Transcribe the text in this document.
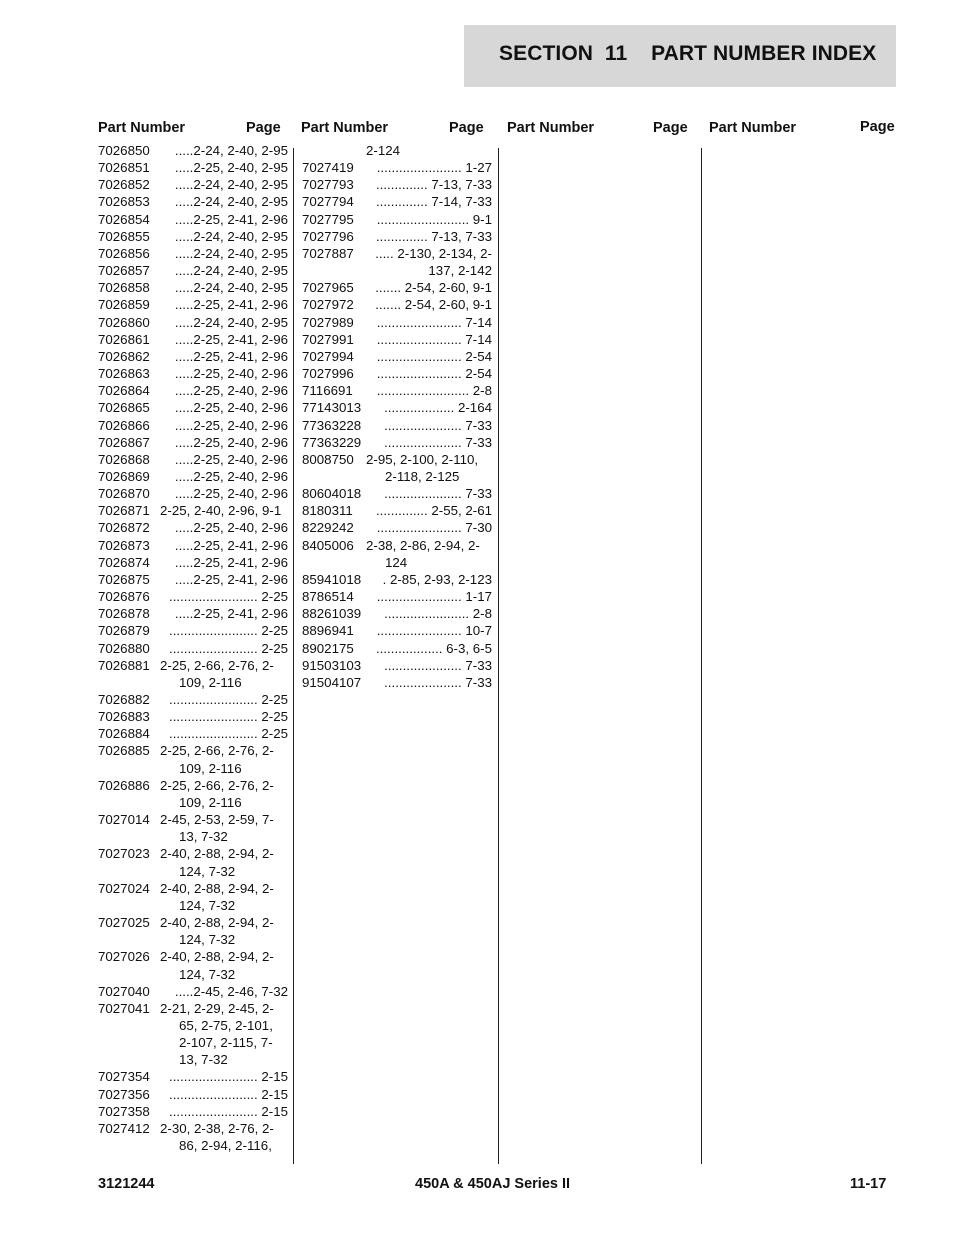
SECTION  11 PART NUMBER INDEX
Part Number	Page Part Number	Page Part Number	Page Part Number	Page
7026850	.....2-24, 2-40, 2-95
7026851	.....2-25, 2-40, 2-95
7026852	.....2-24, 2-40, 2-95
7026853	.....2-24, 2-40, 2-95
7026854	.....2-25, 2-41, 2-96
7026855	.....2-24, 2-40, 2-95
7026856	.....2-24, 2-40, 2-95
7026857	.....2-24, 2-40, 2-95
7026858	.....2-24, 2-40, 2-95
7026859	.....2-25, 2-41, 2-96
7026860	.....2-24, 2-40, 2-95
7026861	.....2-25, 2-41, 2-96
7026862	.....2-25, 2-41, 2-96
7026863	.....2-25, 2-40, 2-96
7026864	.....2-25, 2-40, 2-96
7026865	.....2-25, 2-40, 2-96
7026866	.....2-25, 2-40, 2-96
7026867	.....2-25, 2-40, 2-96
7026868	.....2-25, 2-40, 2-96
7026869	.....2-25, 2-40, 2-96
7026870	.....2-25, 2-40, 2-96
7026871 2-25, 2-40, 2-96, 9-1
7026872	.....2-25, 2-40, 2-96
7026873	.....2-25, 2-41, 2-96
7026874	.....2-25, 2-41, 2-96
7026875	.....2-25, 2-41, 2-96
7026876	........................ 2-25
7026878	.....2-25, 2-41, 2-96
7026879	........................ 2-25
7026880	........................ 2-25
7026881 2-25, 2-66, 2-76, 2-109, 2-116
7026882	........................ 2-25
7026883	........................ 2-25
7026884	........................ 2-25
7026885 2-25, 2-66, 2-76, 2-109, 2-116
7026886 2-25, 2-66, 2-76, 2-109, 2-116
7027014 2-45, 2-53, 2-59, 7-13, 7-32
7027023 2-40, 2-88, 2-94, 2-124, 7-32
7027024 2-40, 2-88, 2-94, 2-124, 7-32
7027025 2-40, 2-88, 2-94, 2-124, 7-32
7027026 2-40, 2-88, 2-94, 2-124, 7-32
7027040	.....2-45, 2-46, 7-32
7027041 2-21, 2-29, 2-45, 2-65, 2-75, 2-101, 2-107, 2-115, 7-13, 7-32
7027354	........................ 2-15
7027356	........................ 2-15
7027358	........................ 2-15
7027412 2-30, 2-38, 2-76, 2-86, 2-94, 2-116,
2-124
7027419	....................... 1-27
7027793	.............. 7-13, 7-33
7027794	.............. 7-14, 7-33
7027795	......................... 9-1
7027796	.............. 7-13, 7-33
7027887	..... 2-130, 2-134, 2-137, 2-142
7027965	....... 2-54, 2-60, 9-1
7027972	....... 2-54, 2-60, 9-1
7027989	....................... 7-14
7027991	....................... 7-14
7027994	....................... 2-54
7027996	....................... 2-54
7116691	......................... 2-8
77143013	................... 2-164
77363228	..................... 7-33
77363229	..................... 7-33
8008750 2-95, 2-100, 2-110, 2-118, 2-125
80604018	..................... 7-33
8180311	.............. 2-55, 2-61
8229242	....................... 7-30
8405006 2-38, 2-86, 2-94, 2-124
85941018	. 2-85, 2-93, 2-123
8786514	....................... 1-17
88261039	....................... 2-8
8896941	....................... 10-7
8902175	.................. 6-3, 6-5
91503103	..................... 7-33
91504107	..................... 7-33
3121244	450A & 450AJ Series II	11-17
